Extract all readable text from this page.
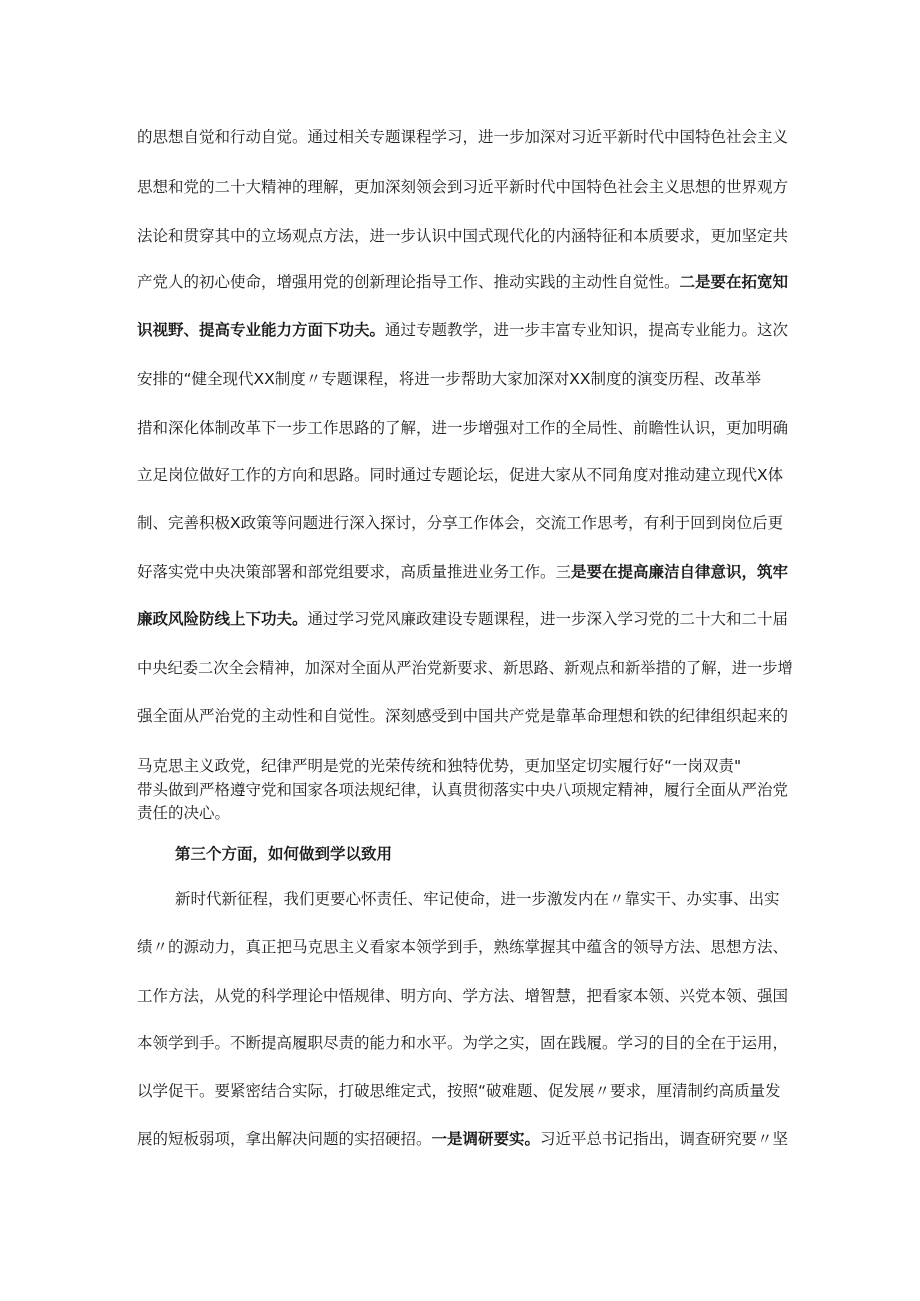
的思想自觉和行动自觉。通过相关专题课程学习，进一步加深对习近平新时代中国特色社会主义
思想和党的二十大精神的理解，更加深刻领会到习近平新时代中国特色社会主义思想的世界观方
法论和贯穿其中的立场观点方法，进一步认识中国式现代化的内涵特征和本质要求，更加坚定共
产党人的初心使命，增强用党的创新理论指导工作、推动实践的主动性自觉性。二是要在拓宽知
识视野、提高专业能力方面下功夫。通过专题教学，进一步丰富专业知识，提高专业能力。这次
安排的“健全现代XX制度〃专题课程，将进一步帮助大家加深对XX制度的演变历程、改革举
措和深化体制改革下一步工作思路的了解，进一步增强对工作的全局性、前瞻性认识，更加明确
立足岗位做好工作的方向和思路。同时通过专题论坛，促进大家从不同角度对推动建立现代X体
制、完善积极X政策等问题进行深入探讨，分享工作体会，交流工作思考，有利于回到岗位后更
好落实党中央决策部署和部党组要求，高质量推进业务工作。三是要在提高廉洁自律意识，筑牢
廉政风险防线上下功夫。通过学习党风廉政建设专题课程，进一步深入学习党的二十大和二十届
中央纪委二次全会精神，加深对全面从严治党新要求、新思路、新观点和新举措的了解，进一步增
强全面从严治党的主动性和自觉性。深刻感受到中国共产党是靠革命理想和铁的纪律组织起来的
马克思主义政党，纪律严明是党的光荣传统和独特优势，更加坚定切实履行好“一岗双责"
带头做到严格遵守党和国家各项法规纪律，认真贯彻落实中央八项规定精神，履行全面从严治党
责任的决心。
第三个方面，如何做到学以致用
新时代新征程，我们更要心怀责任、牢记使命，进一步激发内在〃靠实干、办实事、出实
绩〃的源动力，真正把马克思主义看家本领学到手，熟练掌握其中蕴含的领导方法、思想方法、
工作方法，从党的科学理论中悟规律、明方向、学方法、增智慧，把看家本领、兴党本领、强国
本领学到手。不断提高履职尽责的能力和水平。为学之实，固在践履。学习的目的全在于运用，
以学促干。要紧密结合实际，打破思维定式，按照“破难题、促发展〃要求，厘清制约高质量发
展的短板弱项，拿出解决问题的实招硬招。一是调研要实。习近平总书记指出，调查研究要〃坚
